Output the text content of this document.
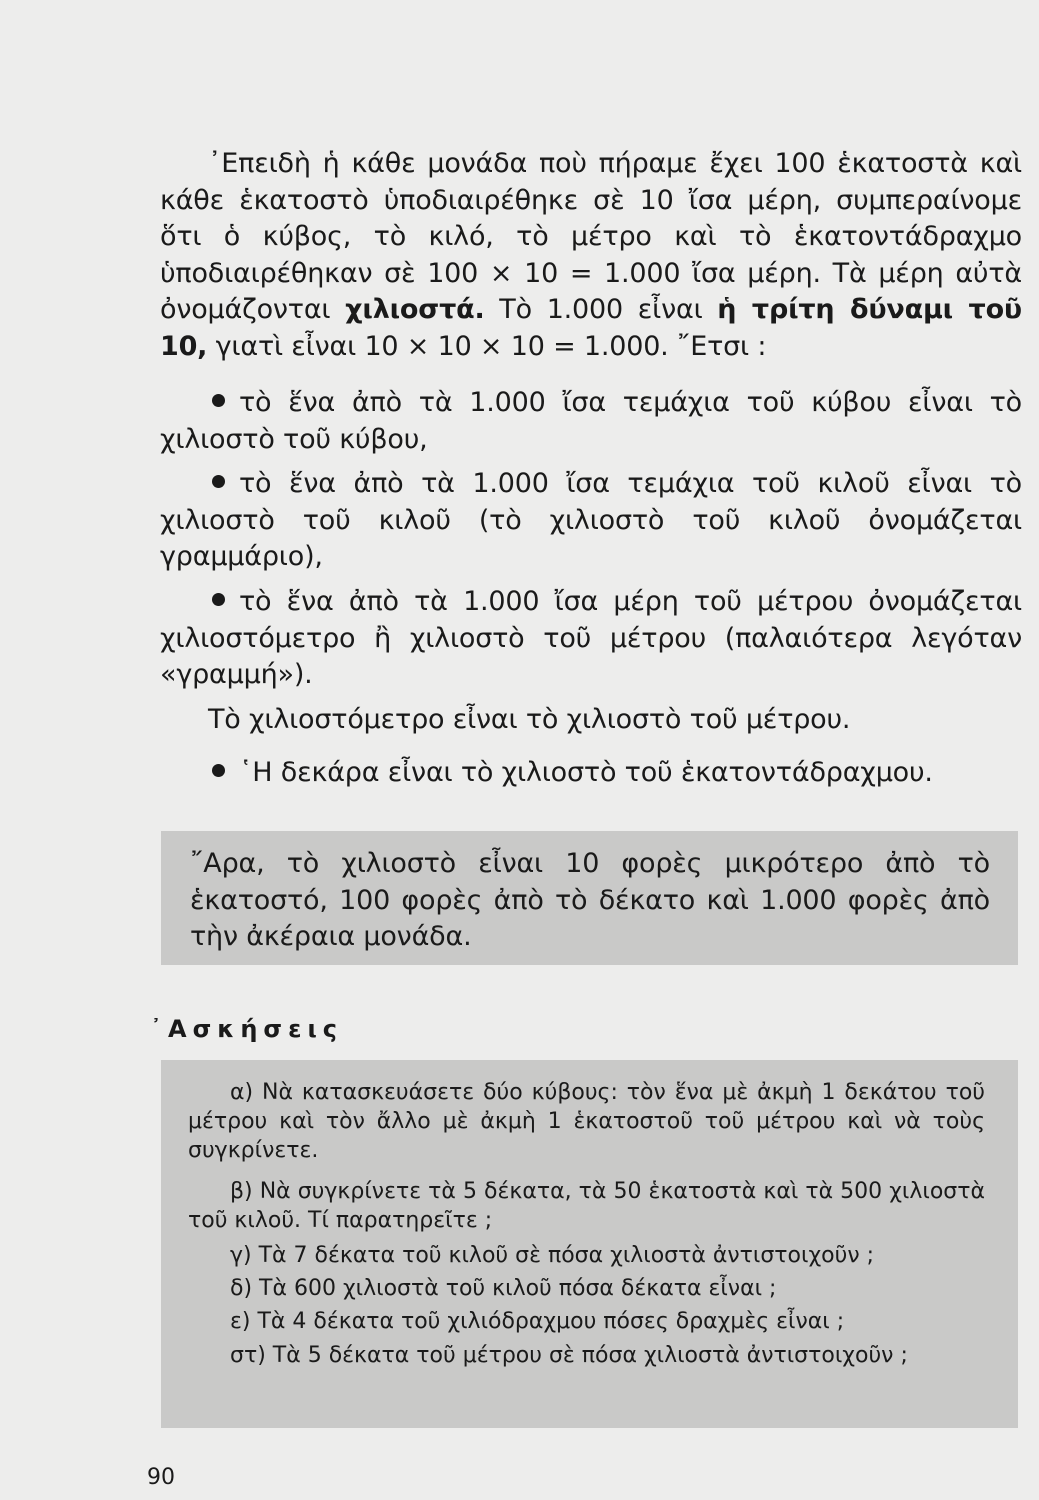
᾿Επειδὴ ἡ κάθε μονάδα ποὺ πήραμε ἔχει 100 ἑκατοστὰ καὶ κάθε ἑκατοστὸ ὑποδιαιρέθηκε σὲ 10 ἴσα μέρη, συμπεραίνομε ὅτι ὁ κύβος, τὸ κιλό, τὸ μέτρο καὶ τὸ ἑκατοντάδραχμο ὑποδιαιρέθηκαν σὲ 100 × 10 = 1.000 ἴσα μέρη. Τὰ μέρη αὐτὰ ὀνομάζονται χιλιοστά. Τὸ 1.000 εἶναι ἡ τρίτη δύναμι τοῦ 10, γιατὶ εἶναι 10 × 10 × 10 = 1.000. ῎Ετσι :
τὸ ἕνα ἀπὸ τὰ 1.000 ἴσα τεμάχια τοῦ κύβου εἶναι τὸ χιλιοστὸ τοῦ κύβου,
τὸ ἕνα ἀπὸ τὰ 1.000 ἴσα τεμάχια τοῦ κιλοῦ εἶναι τὸ χιλιοστὸ τοῦ κιλοῦ (τὸ χιλιοστὸ τοῦ κιλοῦ ὀνομάζεται γραμμάριο),
τὸ ἕνα ἀπὸ τὰ 1.000 ἴσα μέρη τοῦ μέτρου ὀνομάζεται χιλιοστόμετρο ἢ χιλιοστὸ τοῦ μέτρου (παλαιότερα λεγόταν «γραμμή»).
Τὸ χιλιοστόμετρο εἶναι τὸ χιλιοστὸ τοῦ μέτρου.
῾Η δεκάρα εἶναι τὸ χιλιοστὸ τοῦ ἑκατοντάδραχμου.
῎Αρα, τὸ χιλιοστὸ εἶναι 10 φορὲς μικρότερο ἀπὸ τὸ ἑκατοστό, 100 φορὲς ἀπὸ τὸ δέκατο καὶ 1.000 φορὲς ἀπὸ τὴν ἀκέραια μονάδα.
᾿Ασκήσεις
α) Νὰ κατασκευάσετε δύο κύβους: τὸν ἕνα μὲ ἀκμὴ 1 δεκάτου τοῦ μέτρου καὶ τὸν ἄλλο μὲ ἀκμὴ 1 ἑκατοστοῦ τοῦ μέτρου καὶ νὰ τοὺς συγκρίνετε.
β) Νὰ συγκρίνετε τὰ 5 δέκατα, τὰ 50 ἑκατοστὰ καὶ τὰ 500 χιλιοστὰ τοῦ κιλοῦ. Τί παρατηρεῖτε ;
γ) Τὰ 7 δέκατα τοῦ κιλοῦ σὲ πόσα χιλιοστὰ ἀντιστοιχοῦν ;
δ) Τὰ 600 χιλιοστὰ τοῦ κιλοῦ πόσα δέκατα εἶναι ;
ε) Τὰ 4 δέκατα τοῦ χιλιόδραχμου πόσες δραχμὲς εἶναι ;
στ) Τὰ 5 δέκατα τοῦ μέτρου σὲ πόσα χιλιοστὰ ἀντιστοιχοῦν ;
90
